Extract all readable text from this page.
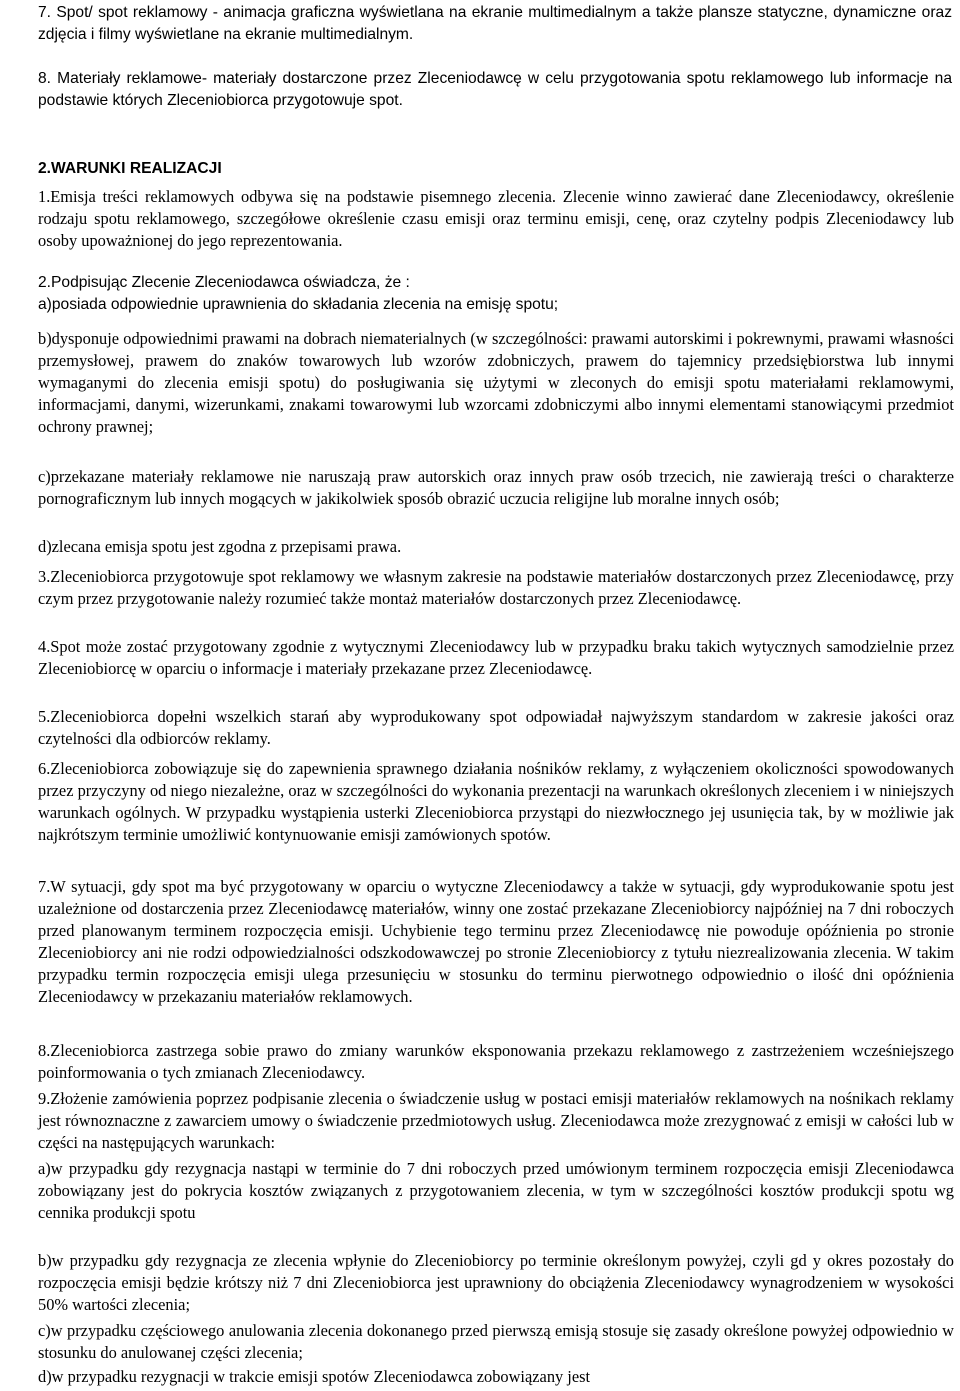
7. Spot/ spot reklamowy - animacja graficzna wyświetlana na ekranie multimedialnym a także plansze statyczne, dynamiczne oraz zdjęcia i filmy wyświetlane na ekranie multimedialnym.

8. Materiały reklamowe- materiały dostarczone przez Zleceniodawcę w celu przygotowania spotu reklamowego lub informacje na podstawie których Zleceniobiorca przygotowuje spot.

2.WARUNKI REALIZACJI

1.Emisja treści reklamowych odbywa się na podstawie pisemnego zlecenia. Zlecenie winno zawierać dane Zleceniodawcy, określenie rodzaju spotu reklamowego, szczegółowe określenie czasu emisji oraz terminu emisji, cenę, oraz czytelny podpis Zleceniodawcy lub osoby upoważnionej do jego reprezentowania.

2.Podpisując Zlecenie Zleceniodawca oświadcza, że :

a)posiada odpowiednie uprawnienia do składania zlecenia na emisję spotu;

b)dysponuje odpowiednimi prawami na dobrach niematerialnych (w szczególności: prawami autorskimi i pokrewnymi, prawami własności przemysłowej, prawem do znaków towarowych lub wzorów zdobniczych, prawem do tajemnicy przedsiębiorstwa lub innymi wymaganymi do zlecenia emisji spotu) do posługiwania się użytymi w zleconych do emisji spotu materiałami reklamowymi, informacjami, danymi, wizerunkami, znakami towarowymi lub wzorcami zdobniczymi albo innymi elementami stanowiącymi przedmiot ochrony prawnej;

c)przekazane materiały reklamowe nie naruszają praw autorskich oraz innych praw osób trzecich, nie zawierają treści o charakterze pornograficznym lub innych mogących w jakikolwiek sposób obrazić uczucia religijne lub moralne innych osób;

d)zlecana emisja spotu jest zgodna z przepisami prawa.

3.Zleceniobiorca przygotowuje spot reklamowy we własnym zakresie na podstawie materiałów dostarczonych przez Zleceniodawcę, przy czym przez przygotowanie należy rozumieć także montaż materiałów dostarczonych przez Zleceniodawcę.

4.Spot może zostać przygotowany zgodnie z wytycznymi Zleceniodawcy lub w przypadku braku takich wytycznych samodzielnie przez Zleceniobiorcę w oparciu o informacje i materiały przekazane przez Zleceniodawcę.

5.Zleceniobiorca dopełni wszelkich starań aby wyprodukowany spot odpowiadał najwyższym standardom w zakresie jakości oraz czytelności dla odbiorców reklamy.

6.Zleceniobiorca zobowiązuje się do zapewnienia sprawnego działania nośników reklamy, z wyłączeniem okoliczności spowodowanych przez przyczyny od niego niezależne, oraz w szczególności do wykonania prezentacji na warunkach określonych zleceniem i w niniejszych warunkach ogólnych. W przypadku wystąpienia usterki Zleceniobiorca przystąpi do niezwłocznego jej usunięcia tak, by w możliwie jak najkrótszym terminie umożliwić kontynuowanie emisji zamówionych spotów.

7.W sytuacji, gdy spot ma być przygotowany w oparciu o wytyczne Zleceniodawcy a także w sytuacji, gdy wyprodukowanie spotu jest uzależnione od dostarczenia przez Zleceniodawcę materiałów, winny one zostać przekazane Zleceniobiorcy najpóźniej na 7 dni roboczych przed planowanym terminem rozpoczęcia emisji. Uchybienie tego terminu przez Zleceniodawcę nie powoduje opóźnienia po stronie Zleceniobiorcy ani nie rodzi odpowiedzialności odszkodowawczej po stronie Zleceniobiorcy z tytułu niezrealizowania zlecenia. W takim przypadku termin rozpoczęcia emisji ulega przesunięciu w stosunku do terminu pierwotnego odpowiednio o ilość dni opóźnienia Zleceniodawcy w przekazaniu materiałów reklamowych.

8.Zleceniobiorca zastrzega sobie prawo do zmiany warunków eksponowania przekazu reklamowego z zastrzeżeniem wcześniejszego poinformowania o tych zmianach Zleceniodawcy.

9.Złożenie zamówienia poprzez podpisanie zlecenia o świadczenie usług w postaci emisji materiałów reklamowych na nośnikach reklamy jest równoznaczne z zawarciem umowy o świadczenie przedmiotowych usług. Zleceniodawca może zrezygnować z emisji w całości lub w części na następujących warunkach:

a)w przypadku gdy rezygnacja nastąpi w terminie do 7 dni roboczych przed umówionym terminem rozpoczęcia emisji Zleceniodawca zobowiązany jest do pokrycia kosztów związanych z przygotowaniem zlecenia, w tym w szczególności kosztów produkcji spotu wg cennika produkcji spotu

b)w przypadku gdy rezygnacja ze zlecenia wpłynie do Zleceniobiorcy po terminie określonym powyżej, czyli gd y okres pozostały do rozpoczęcia emisji będzie krótszy niż 7 dni Zleceniobiorca jest uprawniony do obciążenia Zleceniodawcy wynagrodzeniem w wysokości 50% wartości zlecenia;

c)w przypadku częściowego anulowania zlecenia dokonanego przed pierwszą emisją stosuje się zasady określone powyżej odpowiednio w stosunku do anulowanej części zlecenia;

d)w przypadku rezygnacji w trakcie emisji spotów Zleceniodawca zobowiązany jest
